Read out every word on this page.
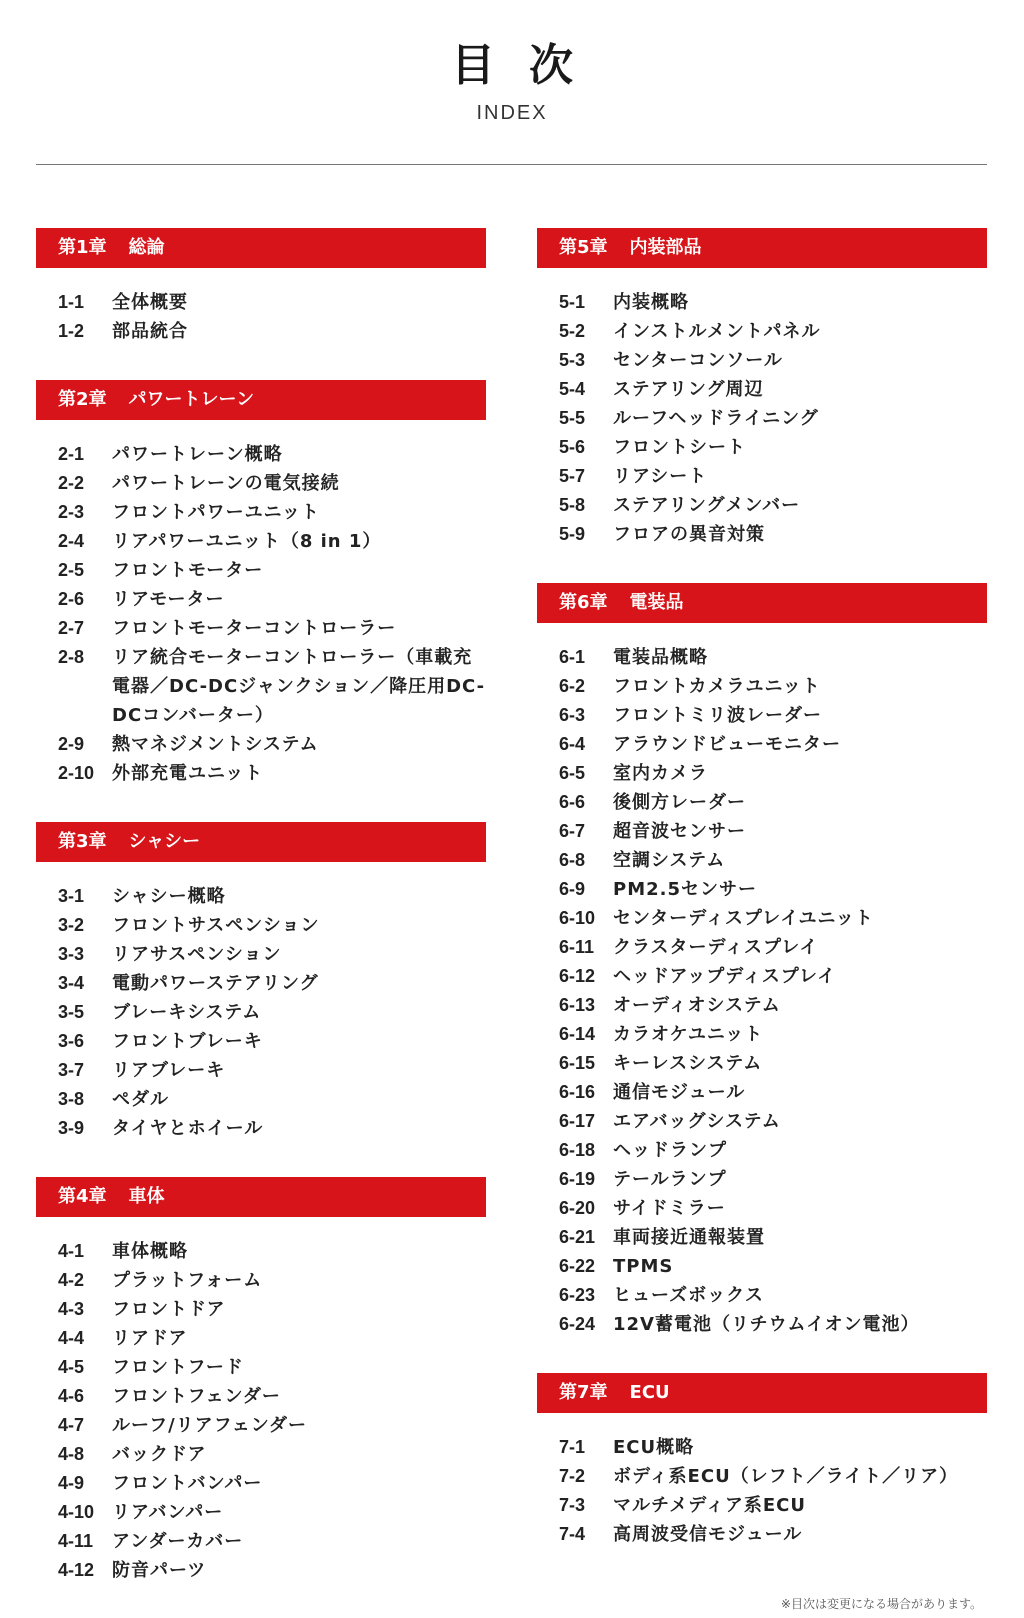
目次
INDEX
第1章 総論
1-1	全体概要
1-2	部品統合
第2章 パワートレーン
2-1	パワートレーン概略
2-2	パワートレーンの電気接続
2-3	フロントパワーユニット
2-4	リアパワーユニット（8 in 1）
2-5	フロントモーター
2-6	リアモーター
2-7	フロントモーターコントローラー
2-8	リア統合モーターコントローラー（車載充電器／DC-DCジャンクション／降圧用DC-DCコンバーター）
2-9	熱マネジメントシステム
2-10 外部充電ユニット
第3章 シャシー
3-1	シャシー概略
3-2	フロントサスペンション
3-3	リアサスペンション
3-4	電動パワーステアリング
3-5	ブレーキシステム
3-6	フロントブレーキ
3-7	リアブレーキ
3-8	ペダル
3-9	タイヤとホイール
第4章 車体
4-1	車体概略
4-2	プラットフォーム
4-3	フロントドア
4-4	リアドア
4-5	フロントフード
4-6	フロントフェンダー
4-7	ルーフ/リアフェンダー
4-8	バックドア
4-9	フロントバンパー
4-10 リアバンパー
4-11	アンダーカバー
4-12 防音パーツ
第5章 内装部品
5-1	内装概略
5-2	インストルメントパネル
5-3	センターコンソール
5-4	ステアリング周辺
5-5	ルーフヘッドライニング
5-6	フロントシート
5-7	リアシート
5-8	ステアリングメンバー
5-9	フロアの異音対策
第6章 電装品
6-1	電装品概略
6-2	フロントカメラユニット
6-3	フロントミリ波レーダー
6-4	アラウンドビューモニター
6-5	室内カメラ
6-6	後側方レーダー
6-7	超音波センサー
6-8	空調システム
6-9	PM2.5センサー
6-10 センターディスプレイユニット
6-11	クラスターディスプレイ
6-12 ヘッドアップディスプレイ
6-13 オーディオシステム
6-14 カラオケユニット
6-15 キーレスシステム
6-16 通信モジュール
6-17 エアバッグシステム
6-18 ヘッドランプ
6-19 テールランプ
6-20 サイドミラー
6-21 車両接近通報装置
6-22 TPMS
6-23 ヒューズボックス
6-24 12V蓄電池（リチウムイオン電池）
第7章 ECU
7-1	ECU概略
7-2	ボディ系ECU（レフト／ライト／リア）
7-3	マルチメディア系ECU
7-4	高周波受信モジュール
※目次は変更になる場合があります。
